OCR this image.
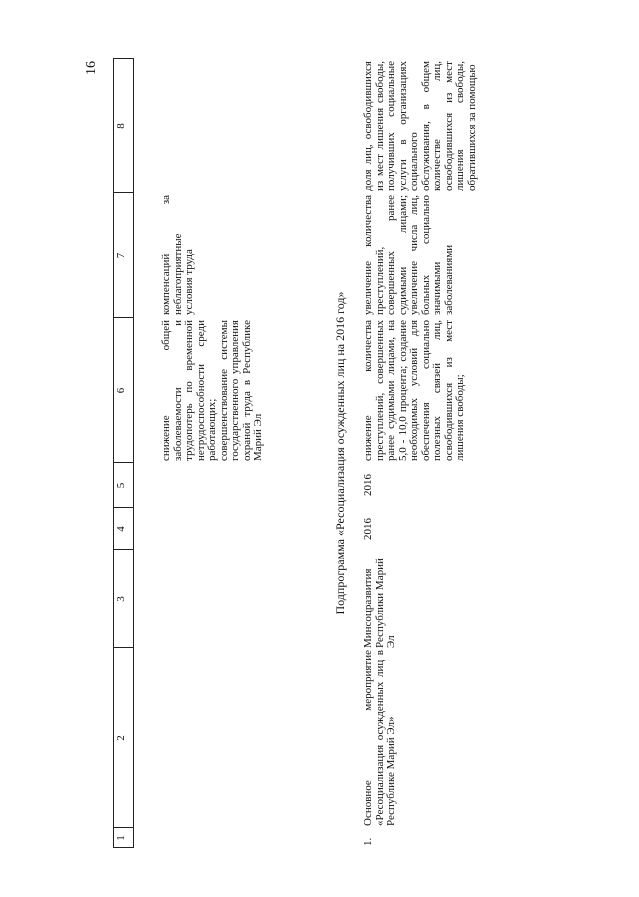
16
1
2
3
4
5
6
7
8
снижение общей заболеваемости и трудопотерь по временной нетрудоспособности среди работающих; совершенствование системы государственного управления охраной труда в Республике Марий Эл
компенсаций за неблагоприятные условия труда
Подпрограмма «Ресоциализация осужденных лиц на 2016 год»
1.
Основное мероприятие «Ресоциализация осужденных лиц в Республике Марий Эл»
Минсоцразвития Республики Марий Эл
2016
2016
снижение количества преступлений, совершенных ранее судимыми лицами, на 5,0 - 10,0 процента; создание необходимых условий для обеспечения социально полезных связей лиц, освободившихся из мест лишения свободы;
увеличение количества преступлений, совершенных ранее судимыми лицами; увеличение числа лиц, больных социально значимыми заболеваниями
доля лиц, освободившихся из мест лишения свободы, получивших социальные услуги в организациях социального обслуживания, в общем количестве лиц, освободившихся из мест лишения свободы, обратившихся за помощью
